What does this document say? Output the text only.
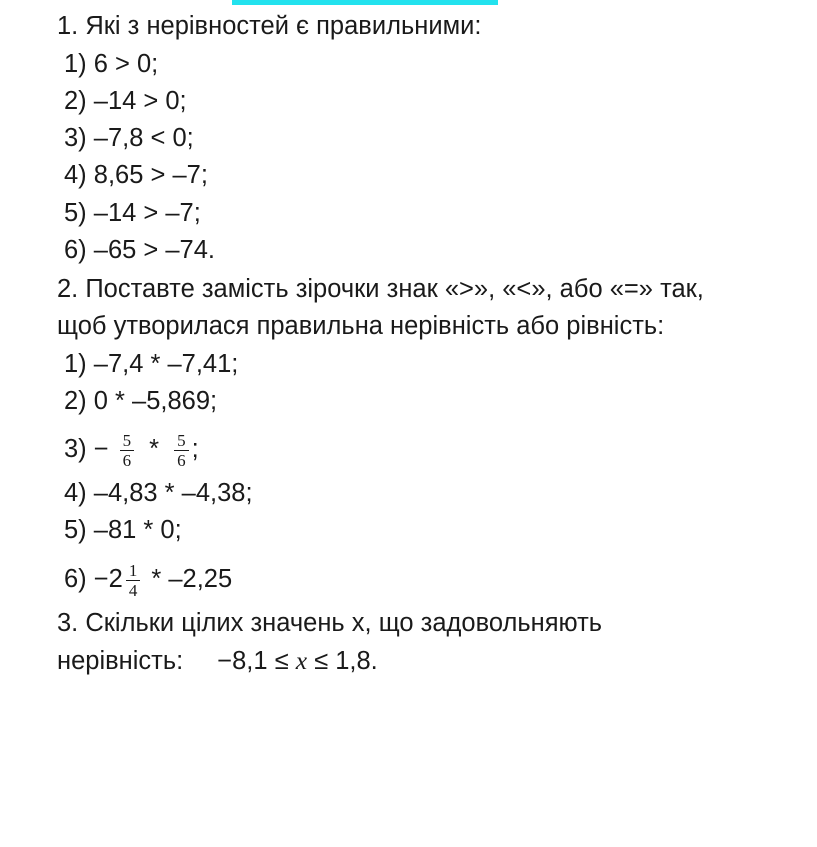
1. Які з нерівностей є правильними:
1) 6 > 0;
2) –14 > 0;
3) –7,8 < 0;
4) 8,65 > –7;
5) –14 > –7;
6) –65 > –74.
2. Поставте замість зірочки знак «>», «<», або «=» так,
щоб утворилася правильна нерівність або рівність:
1) –7,4 * –7,41;
2) 0 * –5,869;
$3) - \frac{5}{6} * \frac{5}{6}$ ;
4) –4,83 * –4,38;
5) –81 * 0;
$6) -2 \frac{1}{4} * -2,25$
3. Скільки цілих значень х, що задовольняють
нерівність: −8,1 ≤ x ≤ 1,8.
